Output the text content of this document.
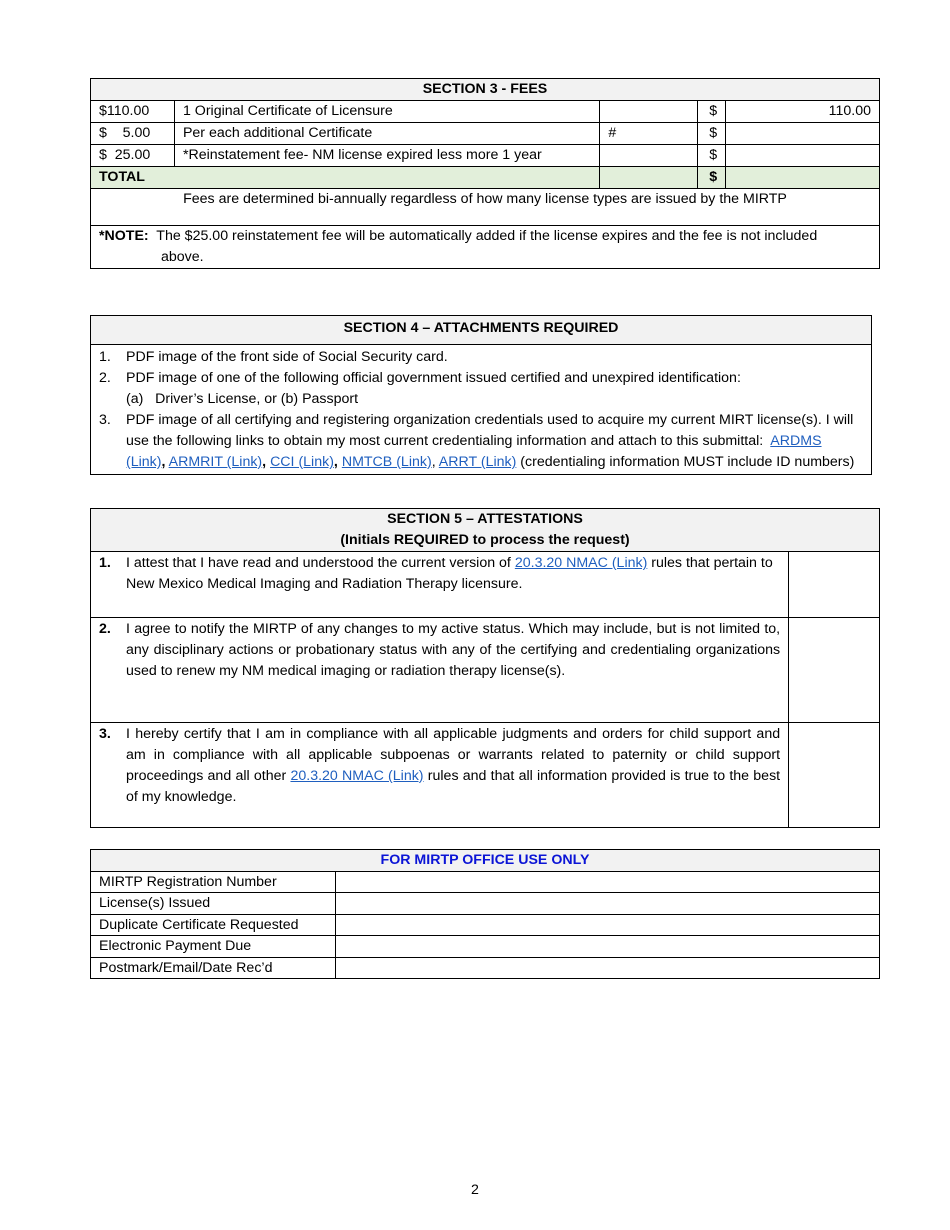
SECTION 3 - FEES				
$110.00	1 Original Certificate of Licensure		$	110.00
$    5.00	Per each additional Certificate	#	$	
$  25.00	*Reinstatement fee- NM license expired less more 1 year		$	
TOTAL			$	
Fees are determined bi-annually regardless of how many license types are issued by the MIRTP				
*NOTE: The $25.00 reinstatement fee will be automatically added if the license expires and the fee is not included
above.				
SECTION 4 – ATTACHMENTS REQUIRED

1. PDF image of the front side of Social Security card.
2. PDF image of one of the following official government issued certified and unexpired identification:
(a) Driver’s License, or (b) Passport
3. PDF image of all certifying and registering organization credentials used to acquire my current MIRT license(s). I will use the following links to obtain my most current credentialing information and attach to this submittal: ARDMS (Link), ARMRIT (Link), CCI (Link), NMTCB (Link), ARRT (Link) (credentialing information MUST include ID numbers)
SECTION 5 – ATTESTATIONS
(Initials REQUIRED to process the request)	

1. I attest that I have read and understood the current version of 20.3.20 NMAC (Link) rules that pertain to New Mexico Medical Imaging and Radiation Therapy licensure.	

2. I agree to notify the MIRTP of any changes to my active status. Which may include, but is not limited to, any disciplinary actions or probationary status with any of the certifying and credentialing organizations used to renew my NM medical imaging or radiation therapy license(s).	

3. I hereby certify that I am in compliance with all applicable judgments and orders for child support and am in compliance with all applicable subpoenas or warrants related to paternity or child support proceedings and all other 20.3.20 NMAC (Link) rules and that all information provided is true to the best of my knowledge.	

FOR MIRTP OFFICE USE ONLY	
MIRTP Registration Number	
License(s) Issued	
Duplicate Certificate Requested	
Electronic Payment Due	
Postmark/Email/Date Rec’d	
2
